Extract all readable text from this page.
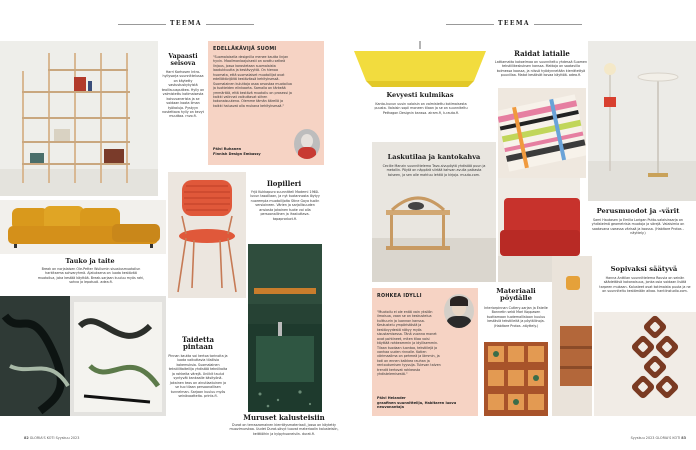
TEEMA
Vapaasti seisova
Harri Korhosen Intra-hyllysarja suunnittelussa on käytetty vastustuskykyistä teollisuusputkea. Hylly on valmistettu kotimaisesta koivuvanerista ja se voidaan koota ilman työkaluja. Pystyyn nostettava hylly on kevyt muuttaa. rnvo.fi.
EDELLÄKÄVIJÄ SUOMI
"Suomalaisella designilla menee kautta linjan hyvin. Maailmanlaajuisesti on avattu selkeä linjaus, jossa korostetaan suomalaista laadukkuutta ja kestävyyttä. On hienoa huomata, että suomalaiset muotoilijat ovat edelläkävijöitä kestävässä kehityksessä. Suomalainen kuluttaja osaa arvostaa muotoilua ja tuotteiden elinkaarta. Samalla on tärkeää ymmärtää, että kestävä muotoilu on prosessi ja kaikki valinnat vaikuttavat siihen kokonaisuutena. Olemme tämän äärellä ja kaikki haluavat olla mukana kehityksessä."
Päivi Ruhanen
Finnish Design Embassy
Ilopilleri
Yrjö Kukkapuro suunnitteli Moderni 1960-luvun tasoillaan, ja nyt tuotannosta löytyy nuorempia muotoilijoita Stine Goya tuolin versioineen. Värien ja sarjallisuuden ansiosta jokainen tuote voi olla persoonallinen ja ihastuttava. tapaproduct.fi.
Tauko ja taite
Break on norjalaisen Ole-Petter Wullumin sisustusmuotoilun harkitsema sohvaryhmä. Ajatuksena on luoda kestävää muotoilua, joka kestää käyttöä. Break-sarjaan kuuluu myös rahi, sohva ja lepotuoli. adea.fi.
Taidetta pintaan
Pinnan kautta voi kertoa tarinoita ja luoda vaikuttavia tilallisia kokemuksia. Suomalainen tekstiilitaiteilija yhdistää tekniikoita ja rohkeita värejä. Uniikit taulut syntyvät kankaalle käsityönä. Jokainen teos on ainutlaatuinen ja se tuo tilaan persoonallisen tunnelman. Sarjaan kuuluu myös seinävaatteita. prints.fi.
Muruset kalusteisiin
Durat on terrazzomainen kierrätysmateriaali, jossa on käytetty muovimurskaa. Uudet Durat-sävyt tuovat materiaalin kalusteisiin, keittiöihin ja kylpyhuoneisiin. durat.fi.
82 GLORIA'S KOTI Syyskuu 2023
TEEMA
Kevyesti kulmikas
Kanto-kuvun uusin valaisin on valmistettu kotimaisesta puusta. Valaisin sopii moneen tilaan ja se on suunniteltu Pethagon Designin kanssa. airam.fi, k-rauta.fi.
Raidat latialle
Lattiamatto kokoelmaa on suunniteltu yhdessä Suomen tekstiilikeskuksen kanssa. Mattoja on saatavilla kolmessa koossa, ja niissä hyödynnetään kierrätettyä puuvillaa. Matot kestävät kovaa käyttöä. adea.fi.
Laskutilaa ja kantokahva
Cecilie Manzin suunnittelema Tavo-sivupöytä yhdistää puun ja metallin. Pöytä on näppärä siirtää kahvan avulla paikasta toiseen, ja sen alle mahtuu lehtiä ja kirjoja. muuto.com.
Perusmuodot ja -värit
Sami Hautasen ja Emilia Lorigan Putto-valaisinsarja on yhdistelmä geometrisia muotoja ja värejä. Valaisimia on saatavana useassa värissä ja koossa. (Habitare Protos -näyttely.)
ROHKEA IDYLLI
"Muotoilu ei ole enää vain yksilön ilmaisua, vaan se on keskustelua kulttuurin ja luonnon kanssa. Keskustelu ympäristöstä ja kestävyydestä näkyy myös sisustamisessa. Tänä vuonna monet ovat pohtineet, miten tilaa voisi käyttää rohkeammin ja idyllisemmin. Tilaan tuodaan luontoa, tekstiilejä ja vanhaa uuden rinnalle. Kotien värimaailma on pehmeä ja lämmin, ja koti on ennen kaikkea rauhan ja rentoutumisen tyyssija. Tulevan talven trendit kertovat rohkeasta yhdistelemisestä."
Päivi Helander
graafinen suunnittelija, Habitaren luova neuvonantaja
Materiaali pöydälle
Interiorpinnan Cutlery-sarjan ja Estelle Bonnetin sekä Mari Koppasen tuottamaan tuotemallistoon kuuluu kestäviä tekstiileitä ja pöytäliinoja. (Habitare Protos -näyttely.)
Sopivaksi säätyvä
Hanna Anttilan suunnittelema Rouvia on seinän säädettävä kokonaisuus, jonka osia voidaan lisätä tarpeen mukaan. Kalusteet ovat kotimaista puuta ja ne on suunniteltu kestämään aikaa. hantiinstudio.com.
Syyskuu 2023 GLORIA'S KOTI 83
